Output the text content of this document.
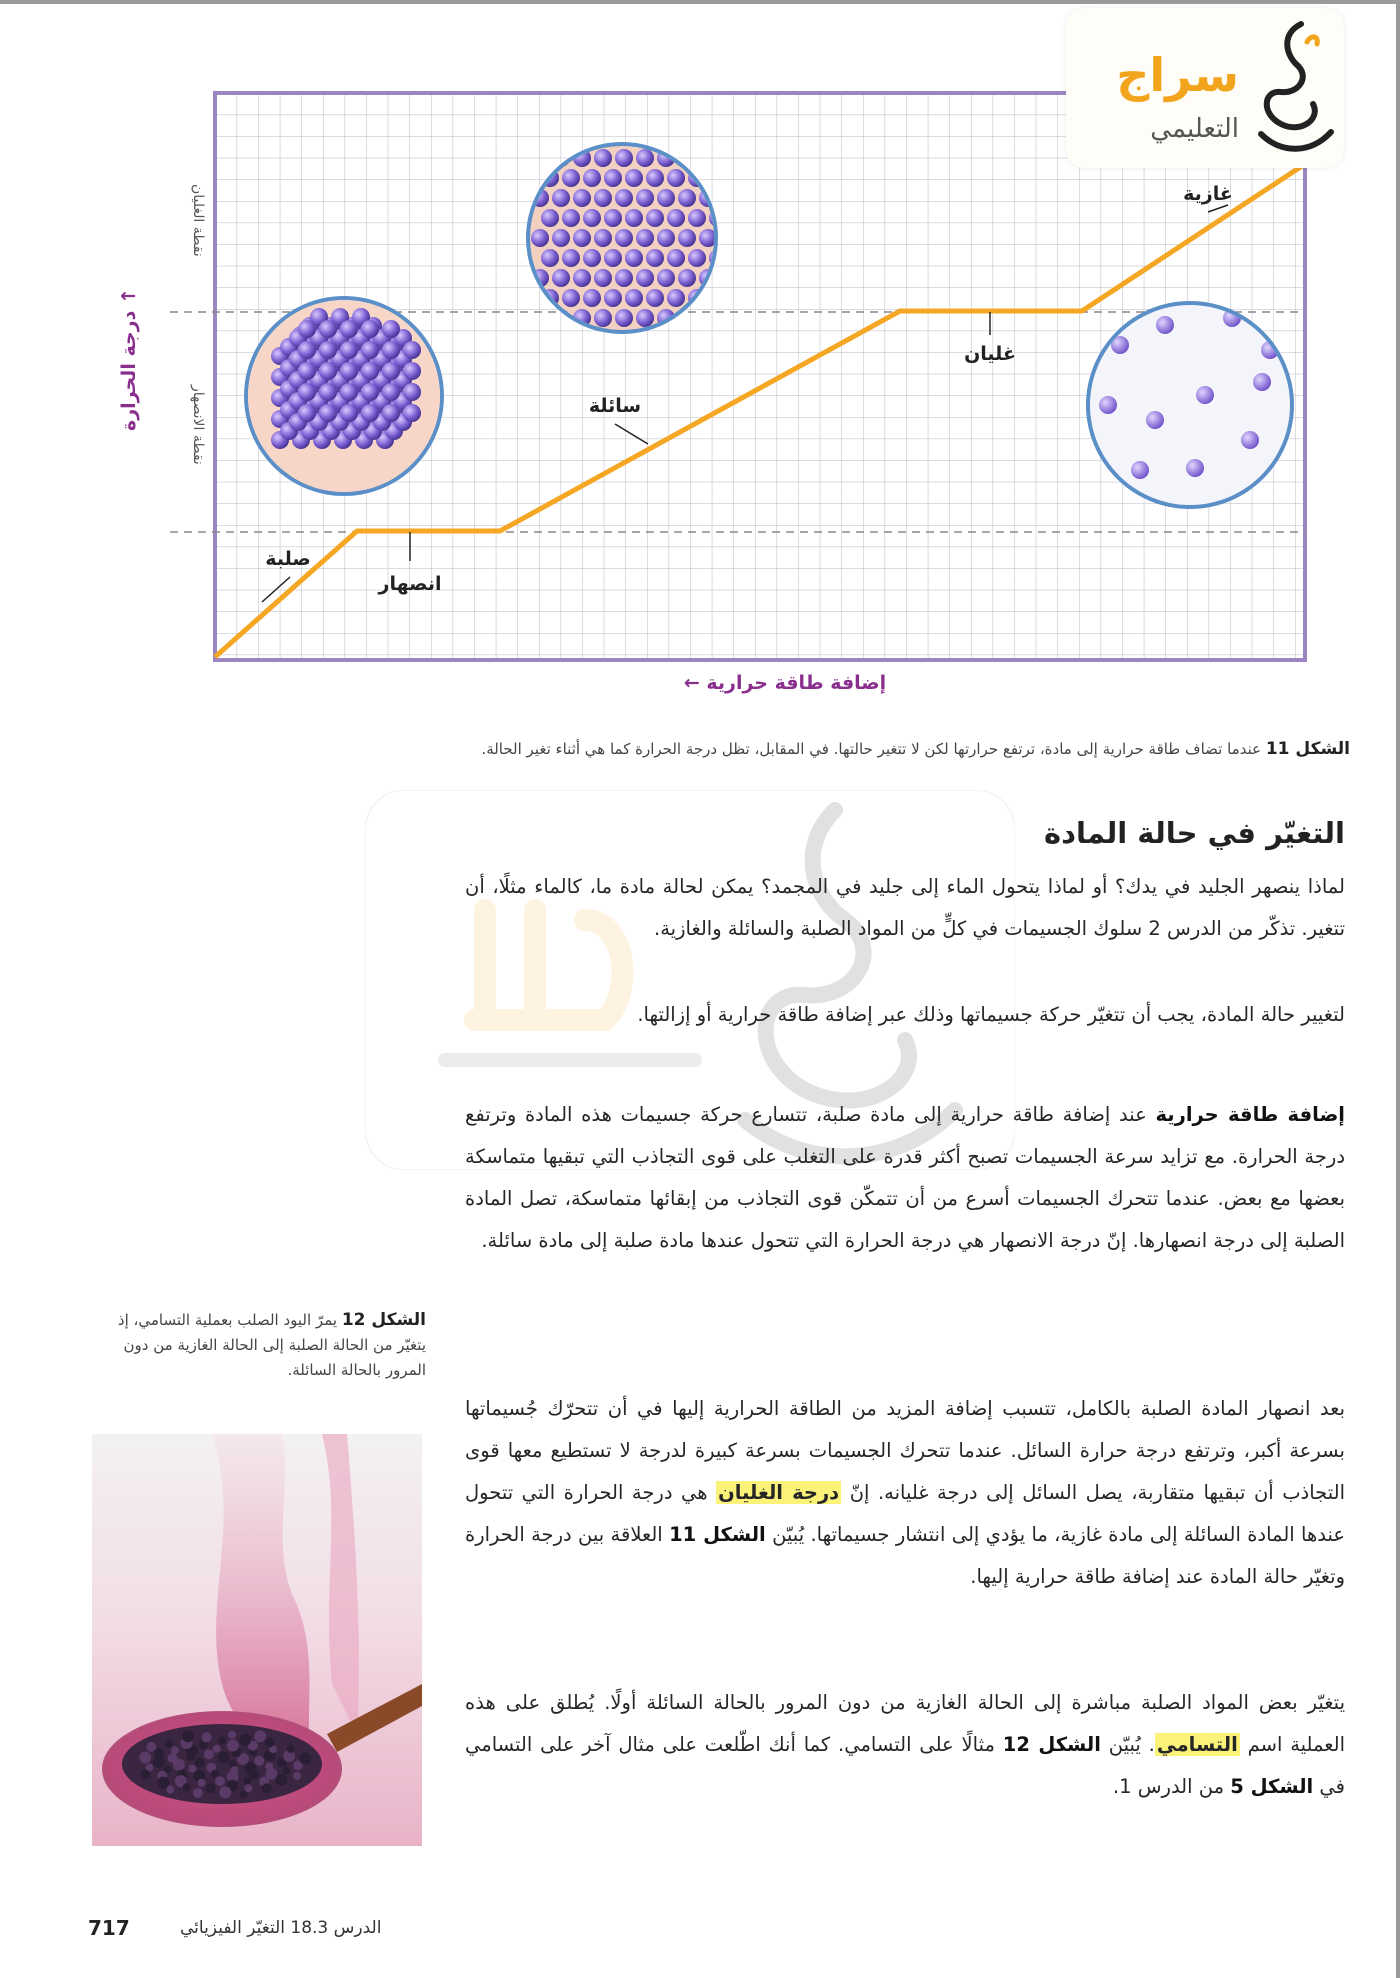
↑ درجة الحرارة
نقطة الغليان
نقطة الانصهار
صلبة
انصهار
سائلة
غليان
غازية
إضافة طاقة حرارية ←
الشكل 11 عندما تضاف طاقة حرارية إلى مادة، ترتفع حرارتها لكن لا تتغير حالتها. في المقابل، تظل درجة الحرارة كما هي أثناء تغير الحالة.
سراج
التعليمي
التغيّر في حالة المادة
لماذا ينصهر الجليد في يدك؟ أو لماذا يتحول الماء إلى جليد في المجمد؟ يمكن لحالة مادة ما، كالماء مثلًا، أن تتغير. تذكّر من الدرس 2 سلوك الجسيمات في كلٍّ من المواد الصلبة والسائلة والغازية.
لتغيير حالة المادة، يجب أن تتغيّر حركة جسيماتها وذلك عبر إضافة طاقة حرارية أو إزالتها.
إضافة طاقة حرارية عند إضافة طاقة حرارية إلى مادة صلبة، تتسارع حركة جسيمات هذه المادة وترتفع درجة الحرارة. مع تزايد سرعة الجسيمات تصبح أكثر قدرة على التغلب على قوى التجاذب التي تبقيها متماسكة بعضها مع بعض. عندما تتحرك الجسيمات أسرع من أن تتمكّن قوى التجاذب من إبقائها متماسكة، تصل المادة الصلبة إلى درجة انصهارها. إنّ درجة الانصهار هي درجة الحرارة التي تتحول عندها مادة صلبة إلى مادة سائلة.
بعد انصهار المادة الصلبة بالكامل، تتسبب إضافة المزيد من الطاقة الحرارية إليها في أن تتحرّك جُسيماتها بسرعة أكبر، وترتفع درجة حرارة السائل. عندما تتحرك الجسيمات بسرعة كبيرة لدرجة لا تستطيع معها قوى التجاذب أن تبقيها متقاربة، يصل السائل إلى درجة غليانه. إنّ درجة الغليان هي درجة الحرارة التي تتحول عندها المادة السائلة إلى مادة غازية، ما يؤدي إلى انتشار جسيماتها. يُبيّن الشكل 11 العلاقة بين درجة الحرارة وتغيّر حالة المادة عند إضافة طاقة حرارية إليها.
يتغيّر بعض المواد الصلبة مباشرة إلى الحالة الغازية من دون المرور بالحالة السائلة أولًا. يُطلق على هذه العملية اسم التسامي. يُبيّن الشكل 12 مثالًا على التسامي. كما أنك اطّلعت على مثال آخر على التسامي في الشكل 5 من الدرس 1.
الشكل 12 يمرّ اليود الصلب بعملية التسامي، إذ يتغيّر من الحالة الصلبة إلى الحالة الغازية من دون المرور بالحالة السائلة.
717	الدرس 18.3 التغيّر الفيزيائي
